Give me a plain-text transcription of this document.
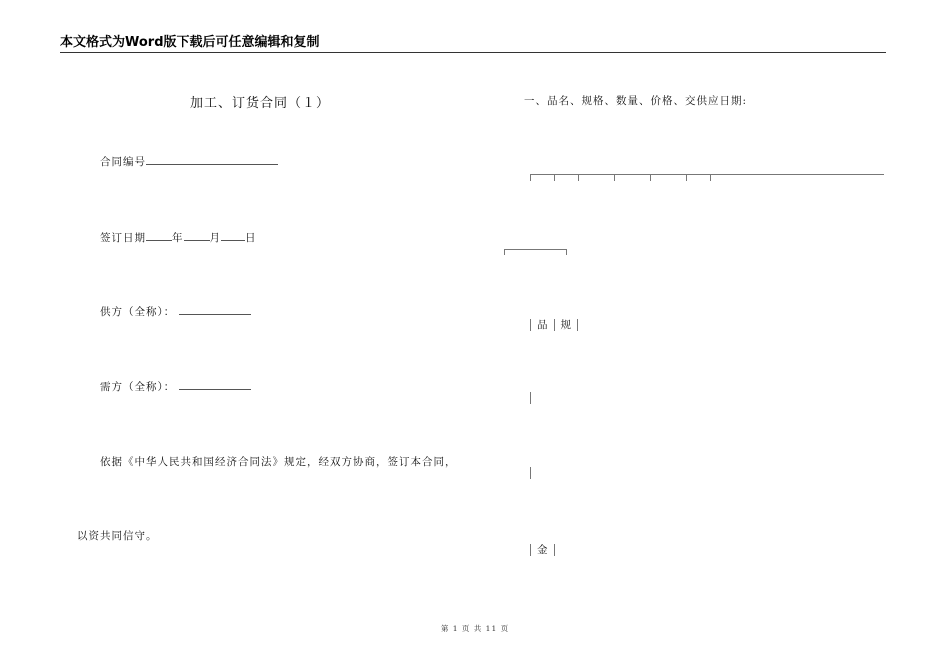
本文格式为Word版下载后可任意编辑和复制
加工、订货合同（１）
合同编号
签订日期 年 月 日
供方（全称）：
需方（全称）：
依据《中华人民共和国经济合同法》规定，经双方协商，签订本合同，
以资共同信守。
一、品名、规格、数量、价格、交供应日期:
品 规
金
第 1 页 共 11 页
